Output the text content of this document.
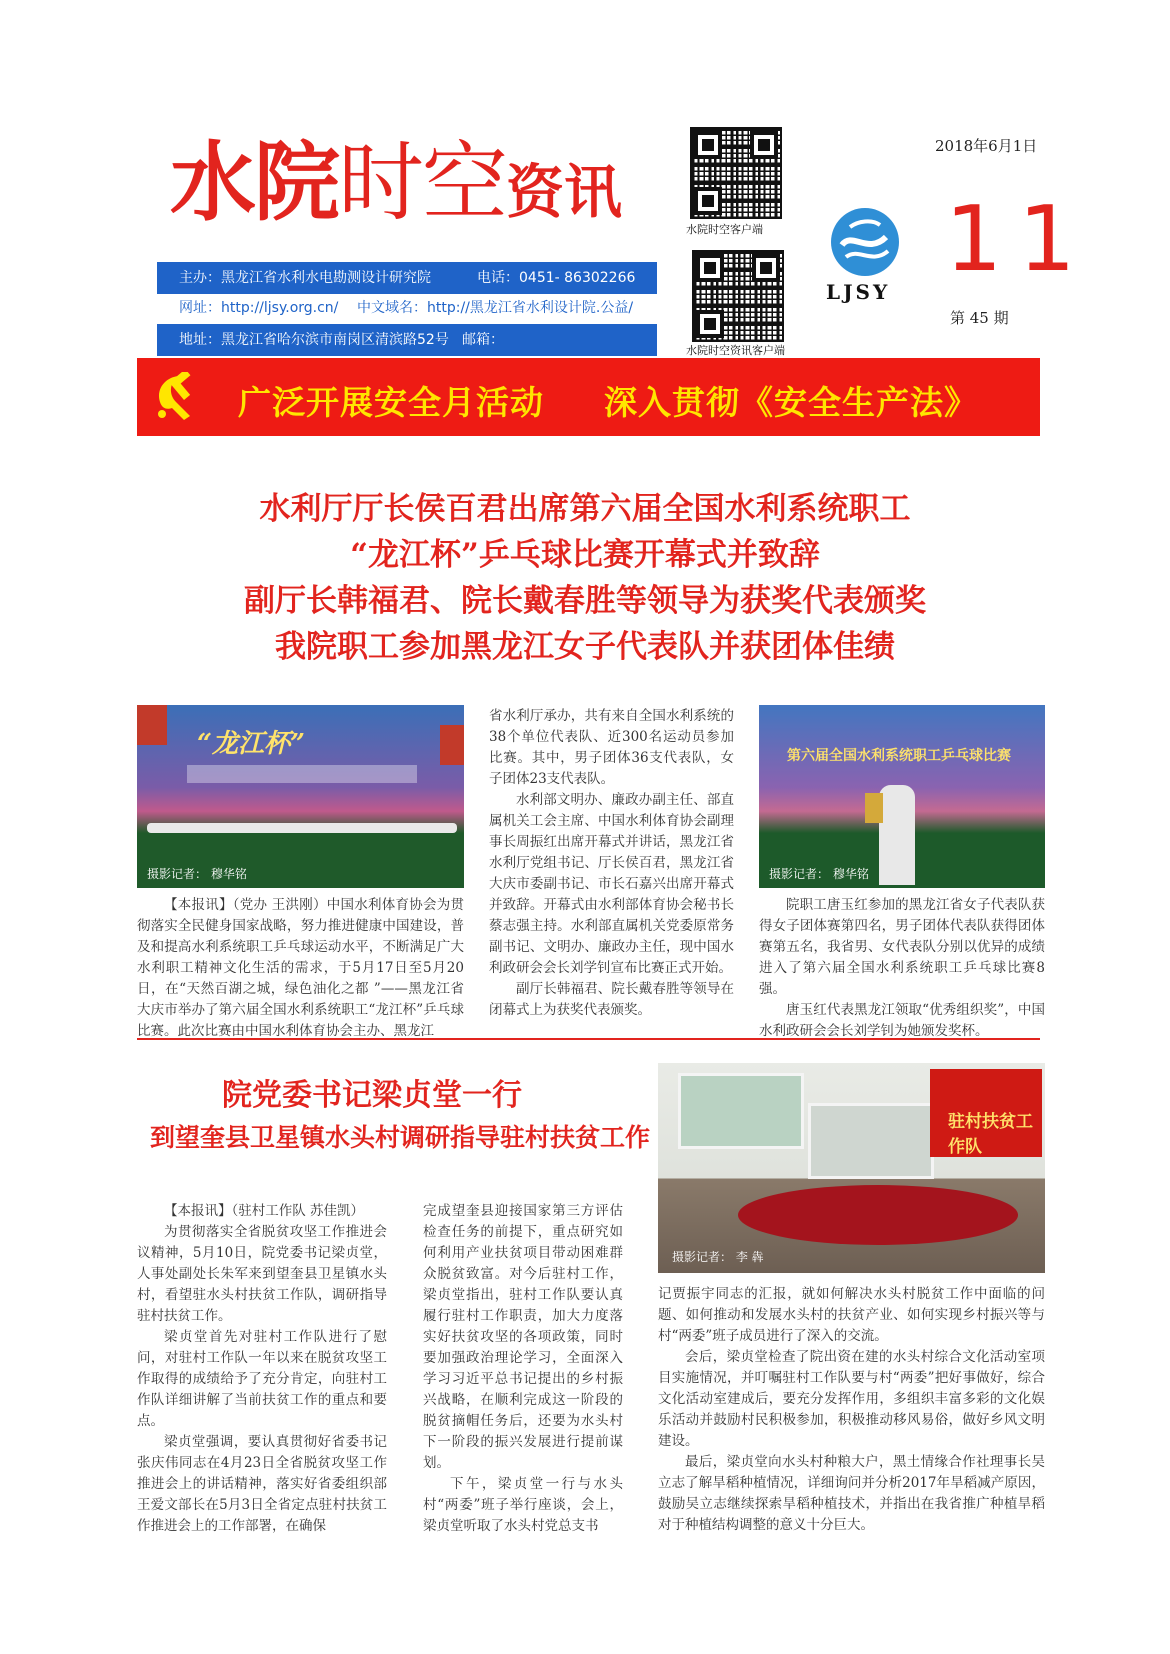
水院时空资讯
主办：黑龙江省水利水电勘测设计研究院	电话：0451- 86302266
网址：http://ljsy.org.cn/ 中文域名：http://黑龙江省水利设计院.公益/
地址：黑龙江省哈尔滨市南岗区清滨路52号 邮箱：
水院时空客户端
水院时空资讯客户端
LJSY
2018年6月1日
11
第 45 期
广泛开展安全月活动 深入贯彻《安全生产法》
水利厅厅长侯百君出席第六届全国水利系统职工
“龙江杯”乒乓球比赛开幕式并致辞
副厅长韩福君、院长戴春胜等领导为获奖代表颁奖
我院职工参加黑龙江女子代表队并获团体佳绩
“龙江杯”
摄影记者： 穆华铭
第六届全国水利系统职工乒乓球比赛
摄影记者： 穆华铭

【本报讯】（党办 王洪刚）中国水利体育协会为贯彻落实全民健身国家战略，努力推进健康中国建设，普及和提高水利系统职工乒乓球运动水平，不断满足广大水利职工精神文化生活的需求，于5月17日至5月20日，在“天然百湖之城，绿色油化之都 ”——黑龙江省大庆市举办了第六届全国水利系统职工“龙江杯”乒乓球比赛。此次比赛由中国水利体育协会主办、黑龙江

省水利厅承办，共有来自全国水利系统的38个单位代表队、近300名运动员参加比赛。其中，男子团体36支代表队，女子团体23支代表队。

水利部文明办、廉政办副主任、部直属机关工会主席、中国水利体育协会副理事长周振红出席开幕式并讲话，黑龙江省水利厅党组书记、厅长侯百君，黑龙江省大庆市委副书记、市长石嘉兴出席开幕式并致辞。开幕式由水利部体育协会秘书长蔡志强主持。水利部直属机关党委原常务副书记、文明办、廉政办主任，现中国水利政研会会长刘学钊宣布比赛正式开始。

副厅长韩福君、院长戴春胜等领导在闭幕式上为获奖代表颁奖。

院职工唐玉红参加的黑龙江省女子代表队获得女子团体赛第四名，男子团体代表队获得团体赛第五名，我省男、女代表队分别以优异的成绩进入了第六届全国水利系统职工乒乓球比赛8强。

唐玉红代表黑龙江领取“优秀组织奖”，中国水利政研会会长刘学钊为她颁发奖杯。

院党委书记梁贞堂一行
到望奎县卫星镇水头村调研指导驻村扶贫工作
驻村扶贫工作队
摄影记者： 李 犇

【本报讯】（驻村工作队 苏佳凯）

为贯彻落实全省脱贫攻坚工作推进会议精神，5月10日，院党委书记梁贞堂，人事处副处长朱军来到望奎县卫星镇水头村，看望驻水头村扶贫工作队，调研指导驻村扶贫工作。

梁贞堂首先对驻村工作队进行了慰问，对驻村工作队一年以来在脱贫攻坚工作取得的成绩给予了充分肯定，向驻村工作队详细讲解了当前扶贫工作的重点和要点。

梁贞堂强调，要认真贯彻好省委书记张庆伟同志在4月23日全省脱贫攻坚工作推进会上的讲话精神，落实好省委组织部王爱文部长在5月3日全省定点驻村扶贫工作推进会上的工作部署，在确保

完成望奎县迎接国家第三方评估检查任务的前提下，重点研究如何利用产业扶贫项目带动困难群众脱贫致富。对今后驻村工作，梁贞堂指出，驻村工作队要认真履行驻村工作职责，加大力度落实好扶贫攻坚的各项政策，同时要加强政治理论学习，全面深入学习习近平总书记提出的乡村振兴战略，在顺利完成这一阶段的脱贫摘帽任务后，还要为水头村下一阶段的振兴发展进行提前谋划。

下午，梁贞堂一行与水头村“两委”班子举行座谈，会上，梁贞堂听取了水头村党总支书

记贾振宇同志的汇报，就如何解决水头村脱贫工作中面临的问题、如何推动和发展水头村的扶贫产业、如何实现乡村振兴等与村“两委”班子成员进行了深入的交流。

会后，梁贞堂检查了院出资在建的水头村综合文化活动室项目实施情况，并叮嘱驻村工作队要与村“两委”把好事做好，综合文化活动室建成后，要充分发挥作用，多组织丰富多彩的文化娱乐活动并鼓励村民积极参加，积极推动移风易俗，做好乡风文明建设。

最后，梁贞堂向水头村种粮大户，黑土情缘合作社理事长吴立志了解旱稻种植情况，详细询问并分析2017年旱稻减产原因，鼓励吴立志继续探索旱稻种植技术，并指出在我省推广种植旱稻对于种植结构调整的意义十分巨大。
